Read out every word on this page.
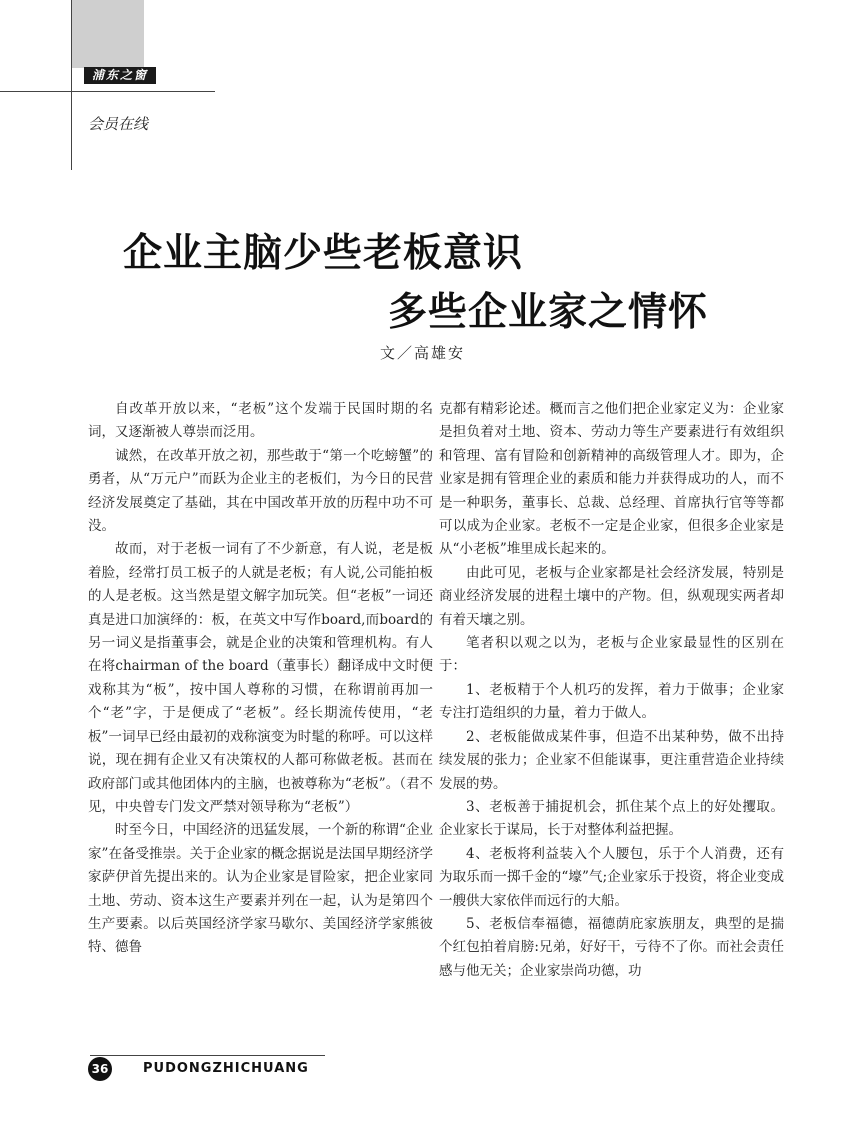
浦东之窗
会员在线
企业主脑少些老板意识
多些企业家之情怀
文／高雄安

自改革开放以来，“老板”这个发端于民国时期的名词，又逐渐被人尊崇而泛用。

诚然，在改革开放之初，那些敢于“第一个吃螃蟹”的勇者，从“万元户”而跃为企业主的老板们，为今日的民营经济发展奠定了基础，其在中国改革开放的历程中功不可没。

故而，对于老板一词有了不少新意，有人说，老是板着脸，经常打员工板子的人就是老板；有人说,公司能拍板的人是老板。这当然是望文解字加玩笑。但“老板”一词还真是进口加演绎的：板，在英文中写作board,而board的另一词义是指董事会，就是企业的决策和管理机构。有人在将chairman of the board（董事长）翻译成中文时便戏称其为“板”，按中国人尊称的习惯，在称谓前再加一个“老”字，于是便成了“老板”。经长期流传使用，“老板”一词早已经由最初的戏称演变为时髦的称呼。可以这样说，现在拥有企业又有决策权的人都可称做老板。甚而在政府部门或其他团体内的主脑，也被尊称为“老板”。（君不见，中央曾专门发文严禁对领导称为“老板”）

时至今日，中国经济的迅猛发展，一个新的称谓“企业家”在备受推崇。关于企业家的概念据说是法国早期经济学家萨伊首先提出来的。认为企业家是冒险家，把企业家同土地、劳动、资本这生产要素并列在一起，认为是第四个生产要素。以后英国经济学家马歇尔、美国经济学家熊彼特、德鲁

克都有精彩论述。概而言之他们把企业家定义为：企业家是担负着对土地、资本、劳动力等生产要素进行有效组织和管理、富有冒险和创新精神的高级管理人才。即为，企业家是拥有管理企业的素质和能力并获得成功的人，而不是一种职务，董事长、总裁、总经理、首席执行官等等都可以成为企业家。老板不一定是企业家，但很多企业家是从“小老板”堆里成长起来的。

由此可见，老板与企业家都是社会经济发展，特别是商业经济发展的进程土壤中的产物。但，纵观现实两者却有着天壤之别。

笔者积以观之以为，老板与企业家最显性的区别在于：

1、老板精于个人机巧的发挥，着力于做事；企业家专注打造组织的力量，着力于做人。

2、老板能做成某件事，但造不出某种势，做不出持续发展的张力；企业家不但能谋事，更注重营造企业持续发展的势。

3、老板善于捕捉机会，抓住某个点上的好处攫取。企业家长于谋局，长于对整体利益把握。

4、老板将利益装入个人腰包，乐于个人消费，还有为取乐而一掷千金的“壕”气;企业家乐于投资，将企业变成一艘供大家依伴而远行的大船。

5、老板信奉福德，福德荫庇家族朋友，典型的是揣个红包拍着肩膀:兄弟，好好干，亏待不了你。而社会责任感与他无关；企业家崇尚功德，功

36	PUDONGZHICHUANG
